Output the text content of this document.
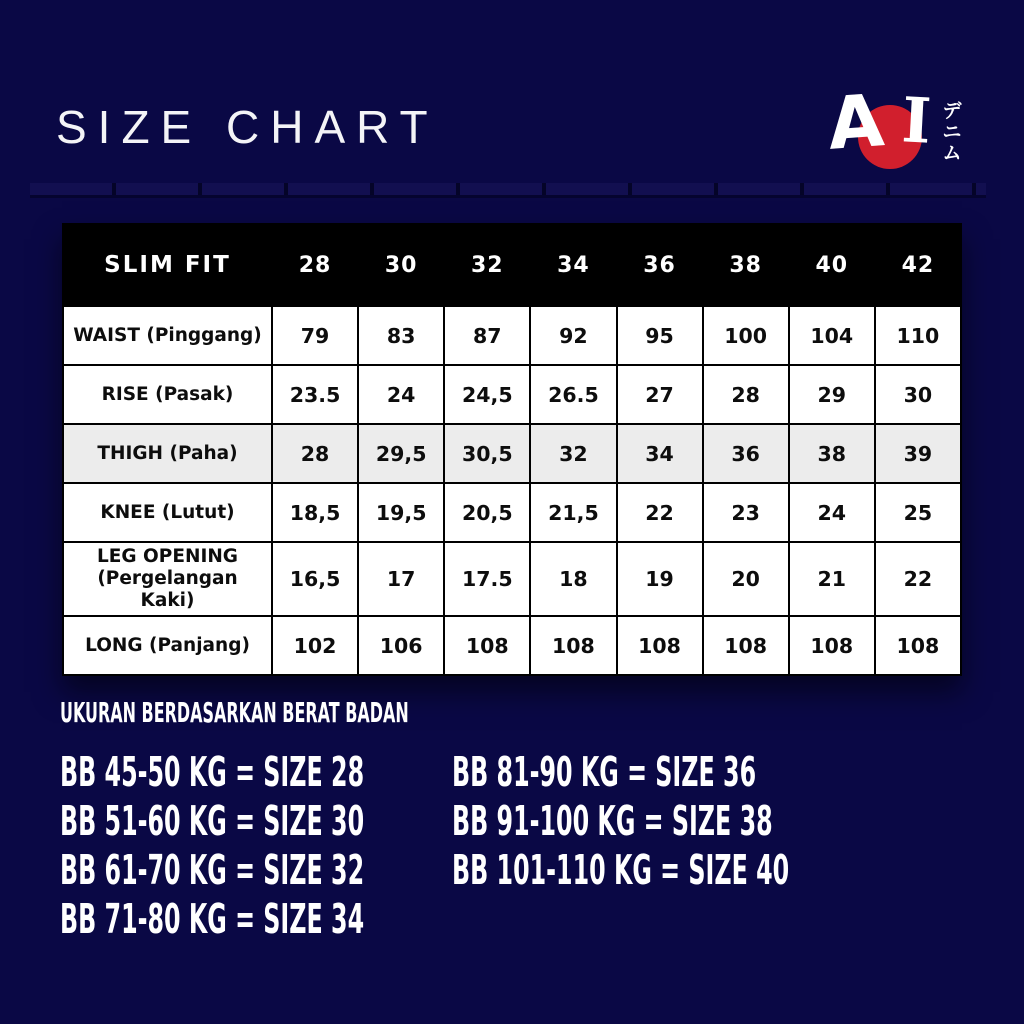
SIZE CHART	A I デ
ニ
ム
SLIM FIT	28	30	32	34	36	38	40	42

WAIST (Pinggang)	79	83	87	92	95	100	104	110

RISE (Pasak)	23.5	24	24,5	26.5	27	28	29	30

THIGH (Paha)	28	29,5	30,5	32	34	36	38	39

KNEE (Lutut)	18,5	19,5	20,5	21,5	22	23	24	25

LEG OPENING
(Pergelangan Kaki)	16,5	17	17.5	18	19	20	21	22

LONG (Panjang)	102	106	108	108	108	108	108	108
UKURAN BERDASARKAN BERAT BADAN
BB 45-50 KG = SIZE 28
BB 51-60 KG = SIZE 30
BB 61-70 KG = SIZE 32
BB 71-80 KG = SIZE 34
BB 81-90 KG = SIZE 36
BB 91-100 KG = SIZE 38
BB 101-110 KG = SIZE 40
